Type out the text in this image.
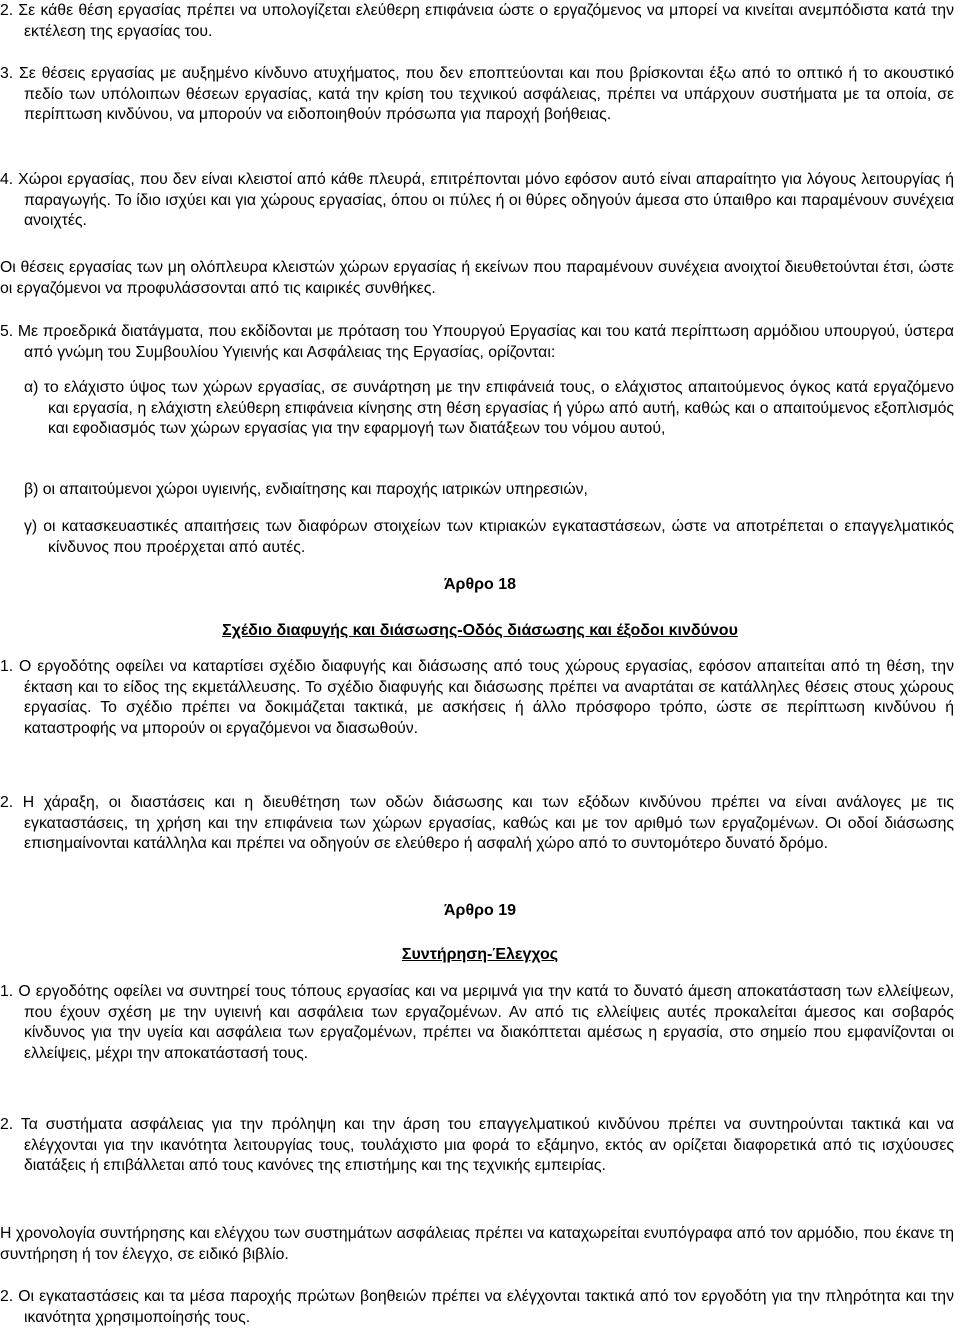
2. Σε κάθε θέση εργασίας πρέπει να υπολογίζεται ελεύθερη επιφάνεια ώστε ο εργαζόμενος να μπορεί να κινείται ανεμπόδιστα κατά την εκτέλεση της εργασίας του.

3. Σε θέσεις εργασίας με αυξημένο κίνδυνο ατυχήματος, που δεν εποπτεύονται και που βρίσκονται έξω από το οπτικό ή το ακουστικό πεδίο των υπόλοιπων θέσεων εργασίας, κατά την κρίση του τεχνικού ασφάλειας, πρέπει να υπάρχουν συστήματα με τα οποία, σε περίπτωση κινδύνου, να μπορούν να ειδοποιηθούν πρόσωπα για παροχή βοήθειας.

4. Χώροι εργασίας, που δεν είναι κλειστοί από κάθε πλευρά, επιτρέπονται μόνο εφόσον αυτό είναι απαραίτητο για λόγους λειτουργίας ή παραγωγής. Το ίδιο ισχύει και για χώρους εργασίας, όπου οι πύλες ή οι θύρες οδηγούν άμεσα στο ύπαιθρο και παραμένουν συνέχεια ανοιχτές.

Οι θέσεις εργασίας των μη ολόπλευρα κλειστών χώρων εργασίας ή εκείνων που παραμένουν συνέχεια ανοιχτοί διευθετούνται έτσι, ώστε οι εργαζόμενοι να προφυλάσσονται από τις καιρικές συνθήκες.

5. Με προεδρικά διατάγματα, που εκδίδονται με πρόταση του Υπουργού Εργασίας και του κατά περίπτωση αρμόδιου υπουργού, ύστερα από γνώμη του Συμβουλίου Υγιεινής και Ασφάλειας της Εργασίας, ορίζονται:

α) το ελάχιστο ύψος των χώρων εργασίας, σε συνάρτηση με την επιφάνειά τους, ο ελάχιστος απαιτούμενος όγκος κατά εργαζόμενο και εργασία, η ελάχιστη ελεύθερη επιφάνεια κίνησης στη θέση εργασίας ή γύρω από αυτή, καθώς και ο απαιτούμενος εξοπλισμός και εφοδιασμός των χώρων εργασίας για την εφαρμογή των διατάξεων του νόμου αυτού,

β) οι απαιτούμενοι χώροι υγιεινής, ενδιαίτησης και παροχής ιατρικών υπηρεσιών,

γ) οι κατασκευαστικές απαιτήσεις των διαφόρων στοιχείων των κτιριακών εγκαταστάσεων, ώστε να αποτρέπεται ο επαγγελματικός κίνδυνος που προέρχεται από αυτές.

Άρθρο 18

Σχέδιο διαφυγής και διάσωσης-Οδός διάσωσης και έξοδοι κινδύνου

1. Ο εργοδότης οφείλει να καταρτίσει σχέδιο διαφυγής και διάσωσης από τους χώρους εργασίας, εφόσον απαιτείται από τη θέση, την έκταση και το είδος της εκμετάλλευσης. Το σχέδιο διαφυγής και διάσωσης πρέπει να αναρτάται σε κατάλληλες θέσεις στους χώρους εργασίας. Το σχέδιο πρέπει να δοκιμάζεται τακτικά, με ασκήσεις ή άλλο πρόσφορο τρόπο, ώστε σε περίπτωση κινδύνου ή καταστροφής να μπορούν οι εργαζόμενοι να διασωθούν.

2. Η χάραξη, οι διαστάσεις και η διευθέτηση των οδών διάσωσης και των εξόδων κινδύνου πρέπει να είναι ανάλογες με τις εγκαταστάσεις, τη χρήση και την επιφάνεια των χώρων εργασίας, καθώς και με τον αριθμό των εργαζομένων. Οι οδοί διάσωσης επισημαίνονται κατάλληλα και πρέπει να οδηγούν σε ελεύθερο ή ασφαλή χώρο από το συντομότερο δυνατό δρόμο.

Άρθρο 19

Συντήρηση-Έλεγχος

1. Ο εργοδότης οφείλει να συντηρεί τους τόπους εργασίας και να μεριμνά για την κατά το δυνατό άμεση αποκατάσταση των ελλείψεων, που έχουν σχέση με την υγιεινή και ασφάλεια των εργαζομένων. Αν από τις ελλείψεις αυτές προκαλείται άμεσος και σοβαρός κίνδυνος για την υγεία και ασφάλεια των εργαζομένων, πρέπει να διακόπτεται αμέσως η εργασία, στο σημείο που εμφανίζονται οι ελλείψεις, μέχρι την αποκατάστασή τους.

2. Τα συστήματα ασφάλειας για την πρόληψη και την άρση του επαγγελματικού κινδύνου πρέπει να συντηρούνται τακτικά και να ελέγχονται για την ικανότητα λειτουργίας τους, τουλάχιστο μια φορά το εξάμηνο, εκτός αν ορίζεται διαφορετικά από τις ισχύουσες διατάξεις ή επιβάλλεται από τους κανόνες της επιστήμης και της τεχνικής εμπειρίας.

Η χρονολογία συντήρησης και ελέγχου των συστημάτων ασφάλειας πρέπει να καταχωρείται ενυπόγραφα από τον αρμόδιο, που έκανε τη συντήρηση ή τον έλεγχο, σε ειδικό βιβλίο.

2. Οι εγκαταστάσεις και τα μέσα παροχής πρώτων βοηθειών πρέπει να ελέγχονται τακτικά από τον εργοδότη για την πληρότητα και την ικανότητα χρησιμοποίησής τους.
